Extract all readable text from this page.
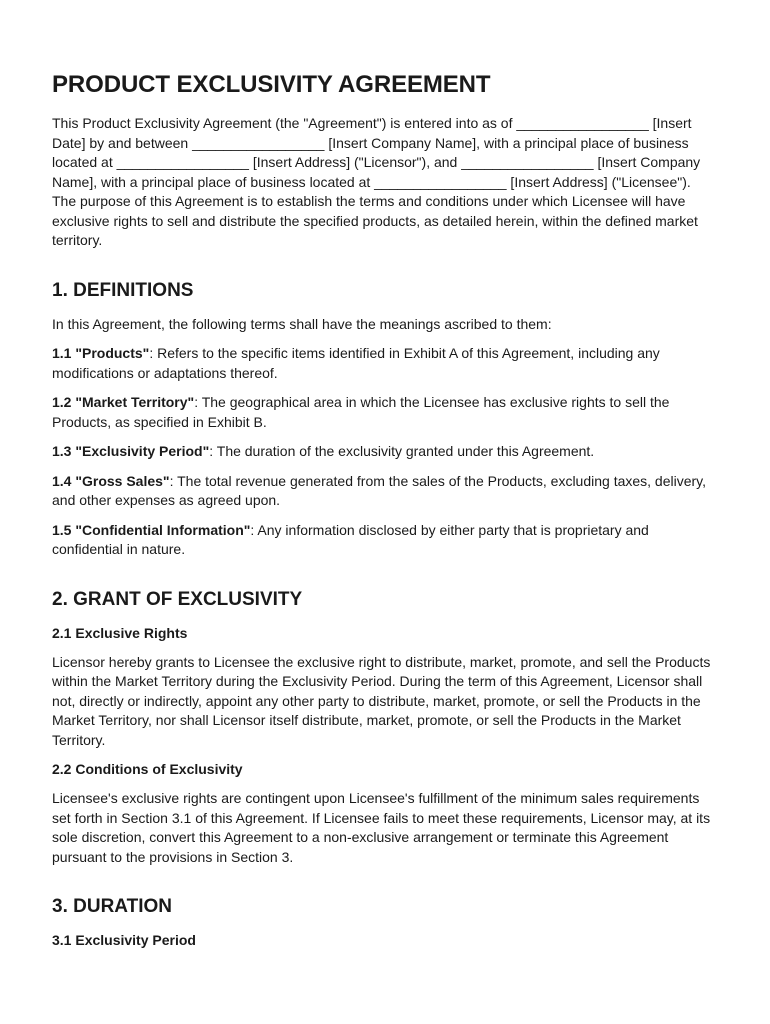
PRODUCT EXCLUSIVITY AGREEMENT

This Product Exclusivity Agreement (the "Agreement") is entered into as of _________________ [Insert Date] by and between _________________ [Insert Company Name], with a principal place of business located at _________________ [Insert Address] ("Licensor"), and _________________ [Insert Company Name], with a principal place of business located at _________________ [Insert Address] ("Licensee"). The purpose of this Agreement is to establish the terms and conditions under which Licensee will have exclusive rights to sell and distribute the specified products, as detailed herein, within the defined market territory.

1. DEFINITIONS

In this Agreement, the following terms shall have the meanings ascribed to them:

1.1 "Products": Refers to the specific items identified in Exhibit A of this Agreement, including any modifications or adaptations thereof.

1.2 "Market Territory": The geographical area in which the Licensee has exclusive rights to sell the Products, as specified in Exhibit B.

1.3 "Exclusivity Period": The duration of the exclusivity granted under this Agreement.

1.4 "Gross Sales": The total revenue generated from the sales of the Products, excluding taxes, delivery, and other expenses as agreed upon.

1.5 "Confidential Information": Any information disclosed by either party that is proprietary and confidential in nature.

2. GRANT OF EXCLUSIVITY
2.1 Exclusive Rights

Licensor hereby grants to Licensee the exclusive right to distribute, market, promote, and sell the Products within the Market Territory during the Exclusivity Period. During the term of this Agreement, Licensor shall not, directly or indirectly, appoint any other party to distribute, market, promote, or sell the Products in the Market Territory, nor shall Licensor itself distribute, market, promote, or sell the Products in the Market Territory.

2.2 Conditions of Exclusivity

Licensee's exclusive rights are contingent upon Licensee's fulfillment of the minimum sales requirements set forth in Section 3.1 of this Agreement. If Licensee fails to meet these requirements, Licensor may, at its sole discretion, convert this Agreement to a non-exclusive arrangement or terminate this Agreement pursuant to the provisions in Section 3.

3. DURATION
3.1 Exclusivity Period
